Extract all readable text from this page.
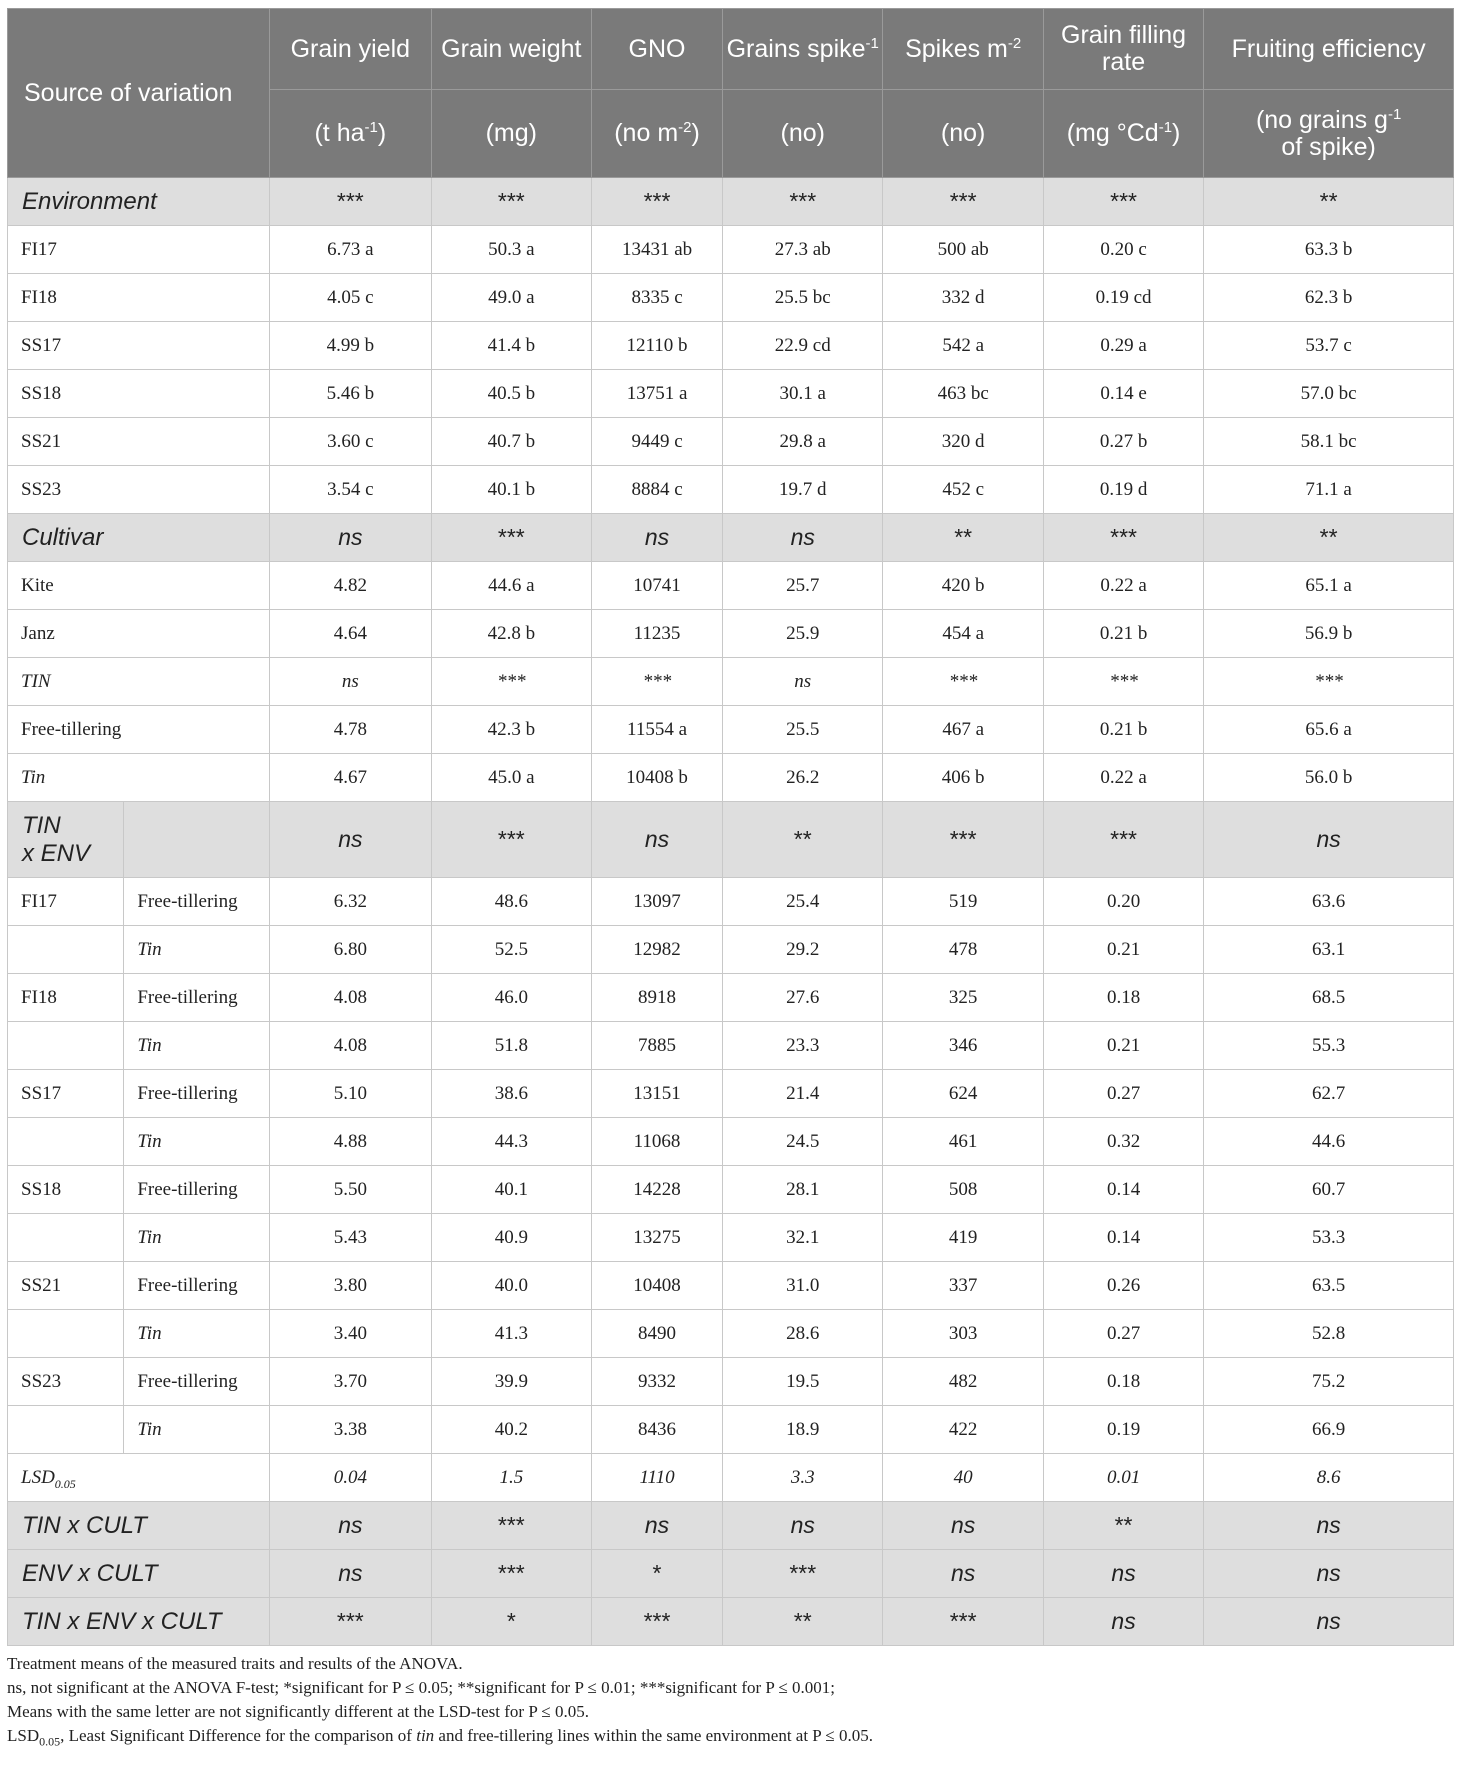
Source of variation		Grain yield	Grain weight	GNO	Grains spike$^{-1}$	Spikes $m^{-2}$	Grain filling rate	Fruiting efficiency
		(t $ha^{-1}$)	(mg)	(no $m^{-2}$)	(no)	(no)	(mg $^\circ Cd^{-1}$)	(no grains $g^{-1}$
of spike)
Environment		***	***	***	***	***	***	**
FI17		6.73 a	50.3 a	13431 ab	27.3 ab	500 ab	0.20 c	63.3 b
FI18		4.05 c	49.0 a	8335 c	25.5 bc	332 d	0.19 cd	62.3 b
SS17		4.99 b	41.4 b	12110 b	22.9 cd	542 a	0.29 a	53.7 c
SS18		5.46 b	40.5 b	13751 a	30.1 a	463 bc	0.14 e	57.0 bc
SS21		3.60 c	40.7 b	9449 c	29.8 a	320 d	0.27 b	58.1 bc
SS23		3.54 c	40.1 b	8884 c	19.7 d	452 c	0.19 d	71.1 a
Cultivar		ns	***	ns	ns	**	***	**
Kite		4.82	44.6 a	10741	25.7	420 b	0.22 a	65.1 a
Janz		4.64	42.8 b	11235	25.9	454 a	0.21 b	56.9 b
TIN		ns	***	***	ns	***	***	***
Free-tillering		4.78	42.3 b	11554 a	25.5	467 a	0.21 b	65.6 a
Tin		4.67	45.0 a	10408 b	26.2	406 b	0.22 a	56.0 b
TIN
x ENV		ns	***	ns	**	***	***	ns
FI17	Free-tillering	6.32	48.6	13097	25.4	519	0.20	63.6
	Tin	6.80	52.5	12982	29.2	478	0.21	63.1
FI18	Free-tillering	4.08	46.0	8918	27.6	325	0.18	68.5
	Tin	4.08	51.8	7885	23.3	346	0.21	55.3
SS17	Free-tillering	5.10	38.6	13151	21.4	624	0.27	62.7
	Tin	4.88	44.3	11068	24.5	461	0.32	44.6
SS18	Free-tillering	5.50	40.1	14228	28.1	508	0.14	60.7
	Tin	5.43	40.9	13275	32.1	419	0.14	53.3
SS21	Free-tillering	3.80	40.0	10408	31.0	337	0.26	63.5
	Tin	3.40	41.3	8490	28.6	303	0.27	52.8
SS23	Free-tillering	3.70	39.9	9332	19.5	482	0.18	75.2
	Tin	3.38	40.2	8436	18.9	422	0.19	66.9
$LSD_{0.05}$		0.04	1.5	1110	3.3	40	0.01	8.6
TIN x CULT		ns	***	ns	ns	ns	**	ns
ENV x CULT		ns	***	*	***	ns	ns	ns
TIN x ENV x CULT		***	*	***	**	***	ns	ns
Treatment means of the measured traits and results of the ANOVA.
ns, not significant at the ANOVA F-test; *significant for P ≤ 0.05; **significant for P ≤ 0.01; ***significant for P ≤ 0.001;
Means with the same letter are not significantly different at the LSD-test for P ≤ 0.05.
$LSD_{0.05}$, Least Significant Difference for the comparison of tin and free-tillering lines within the same environment at P ≤ 0.05.
